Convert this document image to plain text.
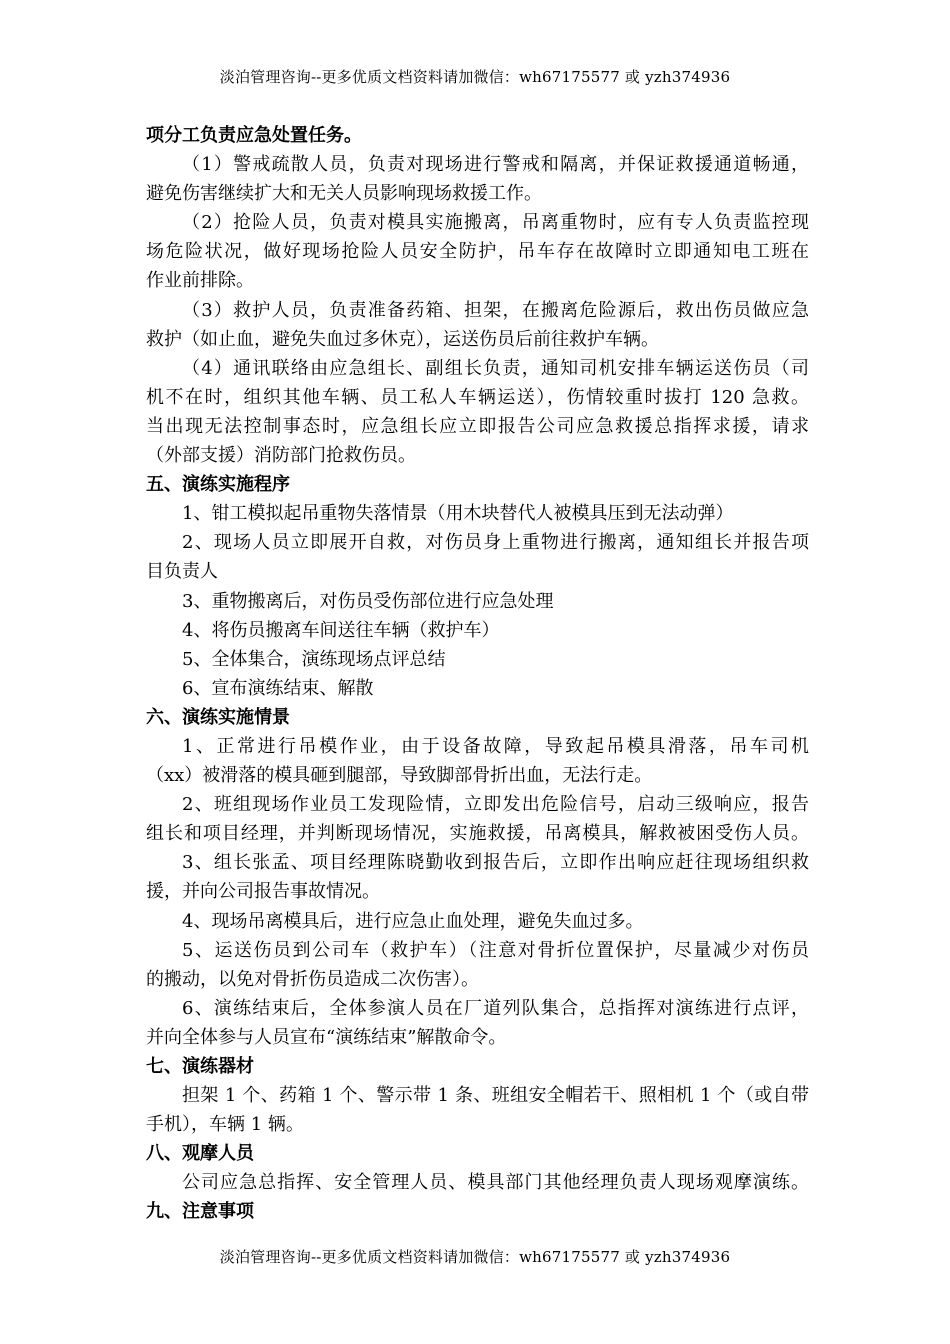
淡泊管理咨询--更多优质文档资料请加微信：wh67175577 或 yzh374936
项分工负责应急处置任务。
（1）警戒疏散人员，负责对现场进行警戒和隔离，并保证救援通道畅通，
避免伤害继续扩大和无关人员影响现场救援工作。
（2）抢险人员，负责对模具实施搬离，吊离重物时，应有专人负责监控现
场危险状况，做好现场抢险人员安全防护，吊车存在故障时立即通知电工班在
作业前排除。
（3）救护人员，负责准备药箱、担架，在搬离危险源后，救出伤员做应急
救护（如止血，避免失血过多休克），运送伤员后前往救护车辆。
（4）通讯联络由应急组长、副组长负责，通知司机安排车辆运送伤员（司
机不在时，组织其他车辆、员工私人车辆运送），伤情较重时拔打 120 急救。
当出现无法控制事态时，应急组长应立即报告公司应急救援总指挥求援，请求
（外部支援）消防部门抢救伤员。
五、演练实施程序
1、钳工模拟起吊重物失落情景（用木块替代人被模具压到无法动弹）
2、现场人员立即展开自救，对伤员身上重物进行搬离，通知组长并报告项
目负责人
3、重物搬离后，对伤员受伤部位进行应急处理
4、将伤员搬离车间送往车辆（救护车）
5、全体集合，演练现场点评总结
6、宣布演练结束、解散
六、演练实施情景
1、正常进行吊模作业，由于设备故障，导致起吊模具滑落，吊车司机
（xx）被滑落的模具砸到腿部，导致脚部骨折出血，无法行走。
2、班组现场作业员工发现险情，立即发出危险信号，启动三级响应，报告
组长和项目经理，并判断现场情况，实施救援，吊离模具，解救被困受伤人员。
3、组长张孟、项目经理陈晓勤收到报告后，立即作出响应赶往现场组织救
援，并向公司报告事故情况。
4、现场吊离模具后，进行应急止血处理，避免失血过多。
5、运送伤员到公司车（救护车）（注意对骨折位置保护，尽量减少对伤员
的搬动，以免对骨折伤员造成二次伤害）。
6、演练结束后，全体参演人员在厂道列队集合，总指挥对演练进行点评，
并向全体参与人员宣布“演练结束”解散命令。
七、演练器材
担架 1 个、药箱 1 个、警示带 1 条、班组安全帽若干、照相机 1 个（或自带
手机），车辆 1 辆。
八、观摩人员
公司应急总指挥、安全管理人员、模具部门其他经理负责人现场观摩演练。
九、注意事项
淡泊管理咨询--更多优质文档资料请加微信：wh67175577 或 yzh374936
